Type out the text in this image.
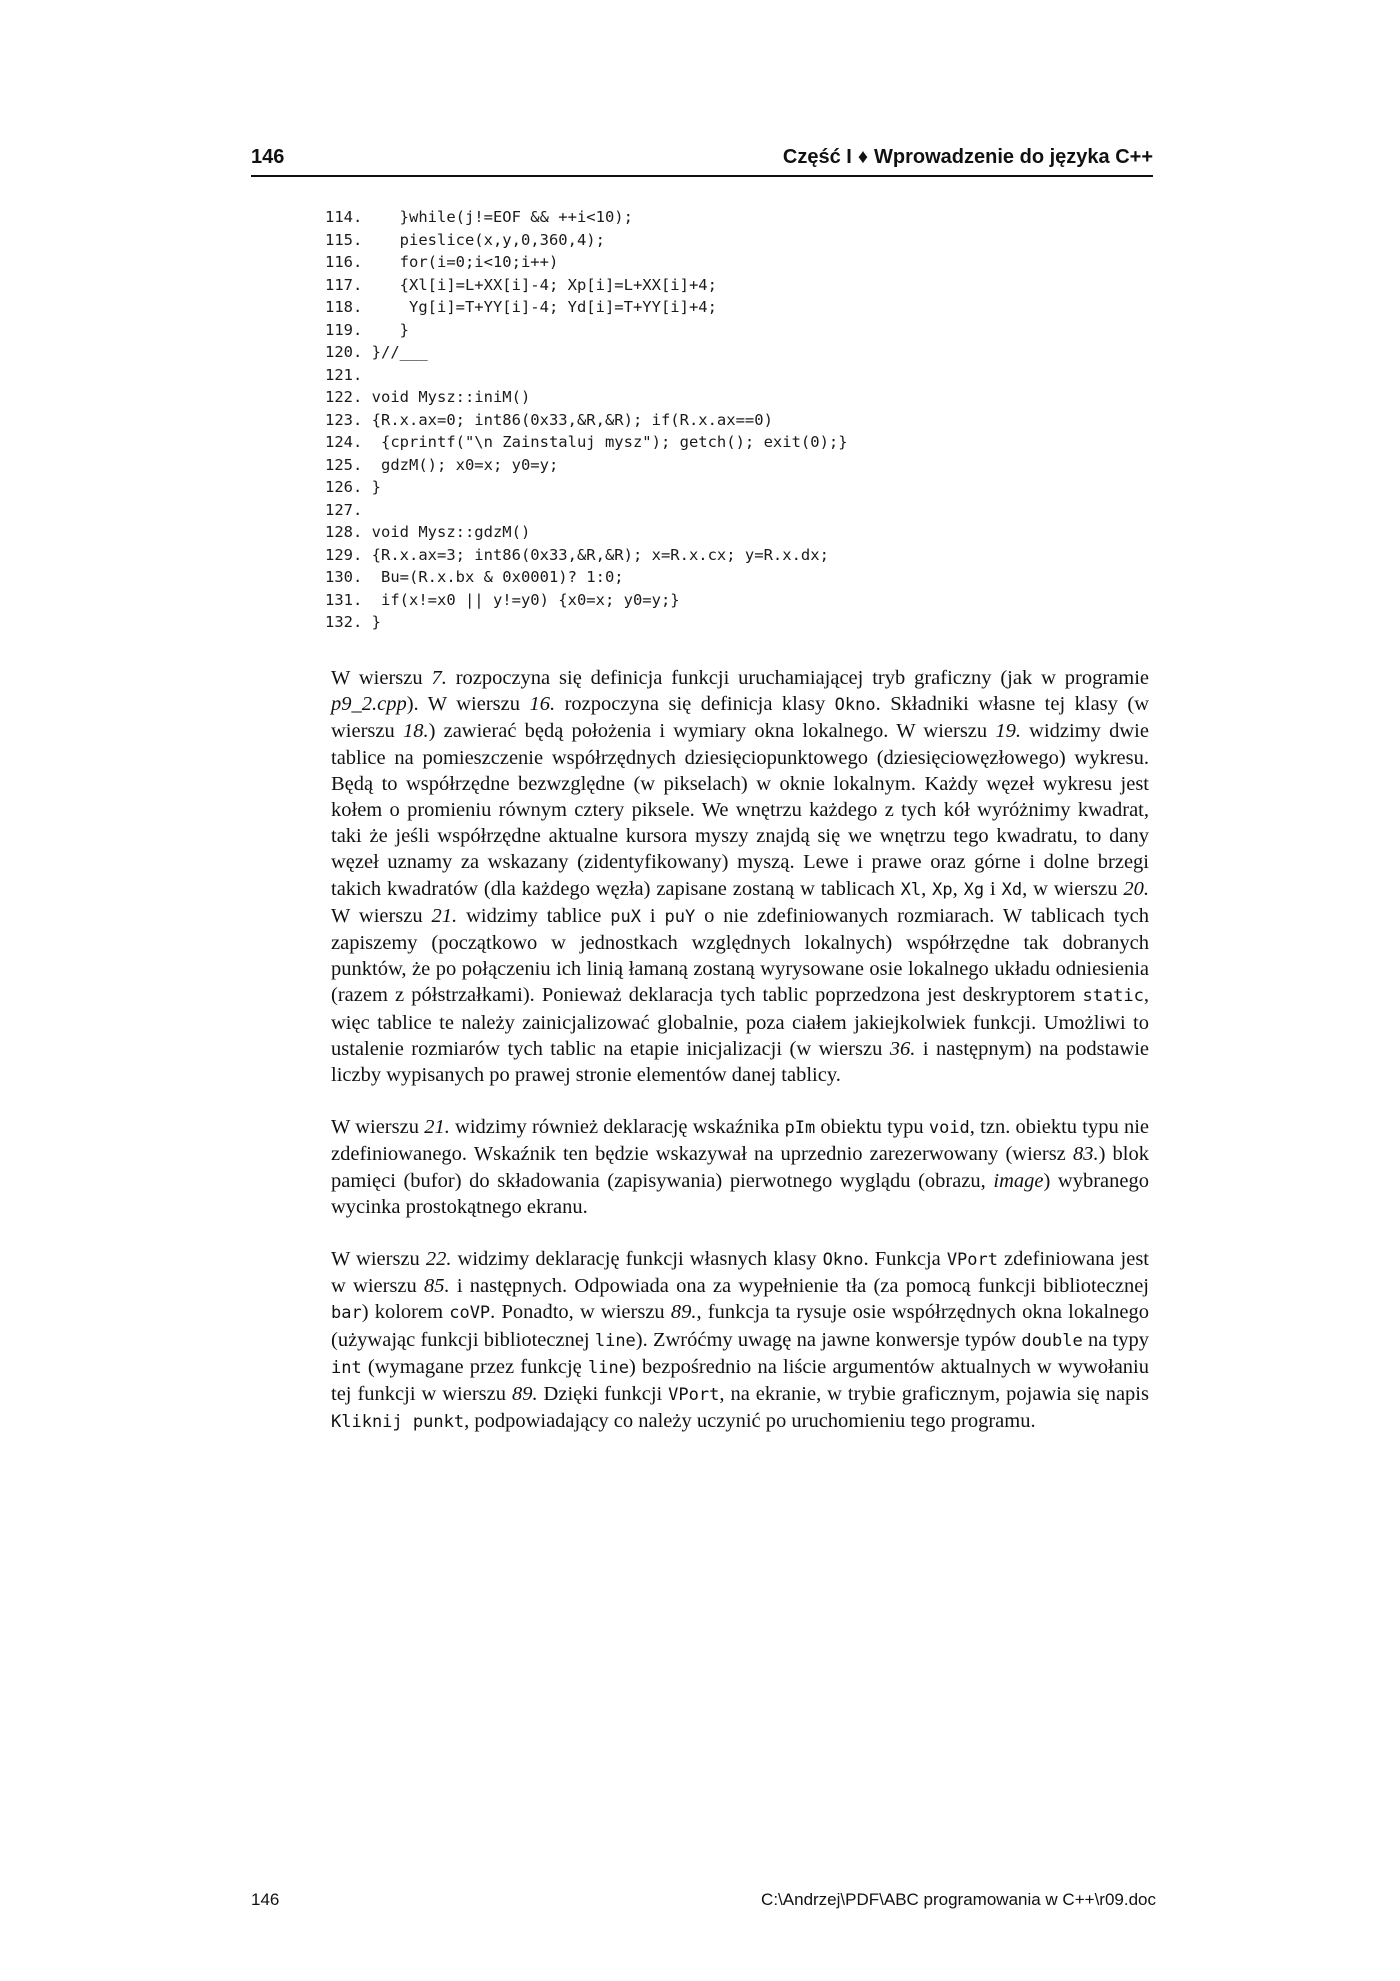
146	Część I ♦ Wprowadzenie do języka C++
114.    }while(j!=EOF && ++i<10);
115.    pieslice(x,y,0,360,4);
116.    for(i=0;i<10;i++)
117.    {Xl[i]=L+XX[i]-4; Xp[i]=L+XX[i]+4;
118.     Yg[i]=T+YY[i]-4; Yd[i]=T+YY[i]+4;
119.    }
120. }//___
121.
122. void Mysz::iniM()
123. {R.x.ax=0; int86(0x33,&R,&R); if(R.x.ax==0)
124.  {cprintf("\n Zainstaluj mysz"); getch(); exit(0);}
125.  gdzM(); x0=x; y0=y;
126. }
127.
128. void Mysz::gdzM()
129. {R.x.ax=3; int86(0x33,&R,&R); x=R.x.cx; y=R.x.dx;
130.  Bu=(R.x.bx & 0x0001)? 1:0;
131.  if(x!=x0 || y!=y0) {x0=x; y0=y;}
132. }

W wierszu 7. rozpoczyna się definicja funkcji uruchamiającej tryb graficzny (jak w programie p9_2.cpp). W wierszu 16. rozpoczyna się definicja klasy Okno. Składniki własne tej klasy (w wierszu 18.) zawierać będą położenia i wymiary okna lokalnego. W wierszu 19. widzimy dwie tablice na pomieszczenie współrzędnych dziesięciopunktowego (dziesięciowęzłowego) wykresu. Będą to współrzędne bezwzględne (w pikselach) w oknie lokalnym. Każdy węzeł wykresu jest kołem o promieniu równym cztery piksele. We wnętrzu każdego z tych kół wyróżnimy kwadrat, taki że jeśli współrzędne aktualne kursora myszy znajdą się we wnętrzu tego kwadratu, to dany węzeł uznamy za wskazany (zidentyfikowany) myszą. Lewe i prawe oraz górne i dolne brzegi takich kwadratów (dla każdego węzła) zapisane zostaną w tablicach Xl, Xp, Xg i Xd, w wierszu 20. W wierszu 21. widzimy tablice puX i puY o nie zdefiniowanych rozmiarach. W tablicach tych zapiszemy (początkowo w jednostkach względnych lokalnych) współrzędne tak dobranych punktów, że po połączeniu ich linią łamaną zostaną wyrysowane osie lokalnego układu odniesienia (razem z półstrzałkami). Ponieważ deklaracja tych tablic poprzedzona jest deskryptorem static, więc tablice te należy zainicjalizować globalnie, poza ciałem jakiejkolwiek funkcji. Umożliwi to ustalenie rozmiarów tych tablic na etapie inicjalizacji (w wierszu 36. i następnym) na podstawie liczby wypisanych po prawej stronie elementów danej tablicy.

W wierszu 21. widzimy również deklarację wskaźnika pIm obiektu typu void, tzn. obiektu typu nie zdefiniowanego. Wskaźnik ten będzie wskazywał na uprzednio zarezerwowany (wiersz 83.) blok pamięci (bufor) do składowania (zapisywania) pierwotnego wyglądu (obrazu, image) wybranego wycinka prostokątnego ekranu.

W wierszu 22. widzimy deklarację funkcji własnych klasy Okno. Funkcja VPort zdefiniowana jest w wierszu 85. i następnych. Odpowiada ona za wypełnienie tła (za pomocą funkcji bibliotecznej bar) kolorem coVP. Ponadto, w wierszu 89., funkcja ta rysuje osie współrzędnych okna lokalnego (używając funkcji bibliotecznej line). Zwróćmy uwagę na jawne konwersje typów double na typy int (wymagane przez funkcję line) bezpośrednio na liście argumentów aktualnych w wywołaniu tej funkcji w wierszu 89. Dzięki funkcji VPort, na ekranie, w trybie graficznym, pojawia się napis Kliknij punkt, podpowiadający co należy uczynić po uruchomieniu tego programu.

146	C:\Andrzej\PDF\ABC programowania w C++\r09.doc
